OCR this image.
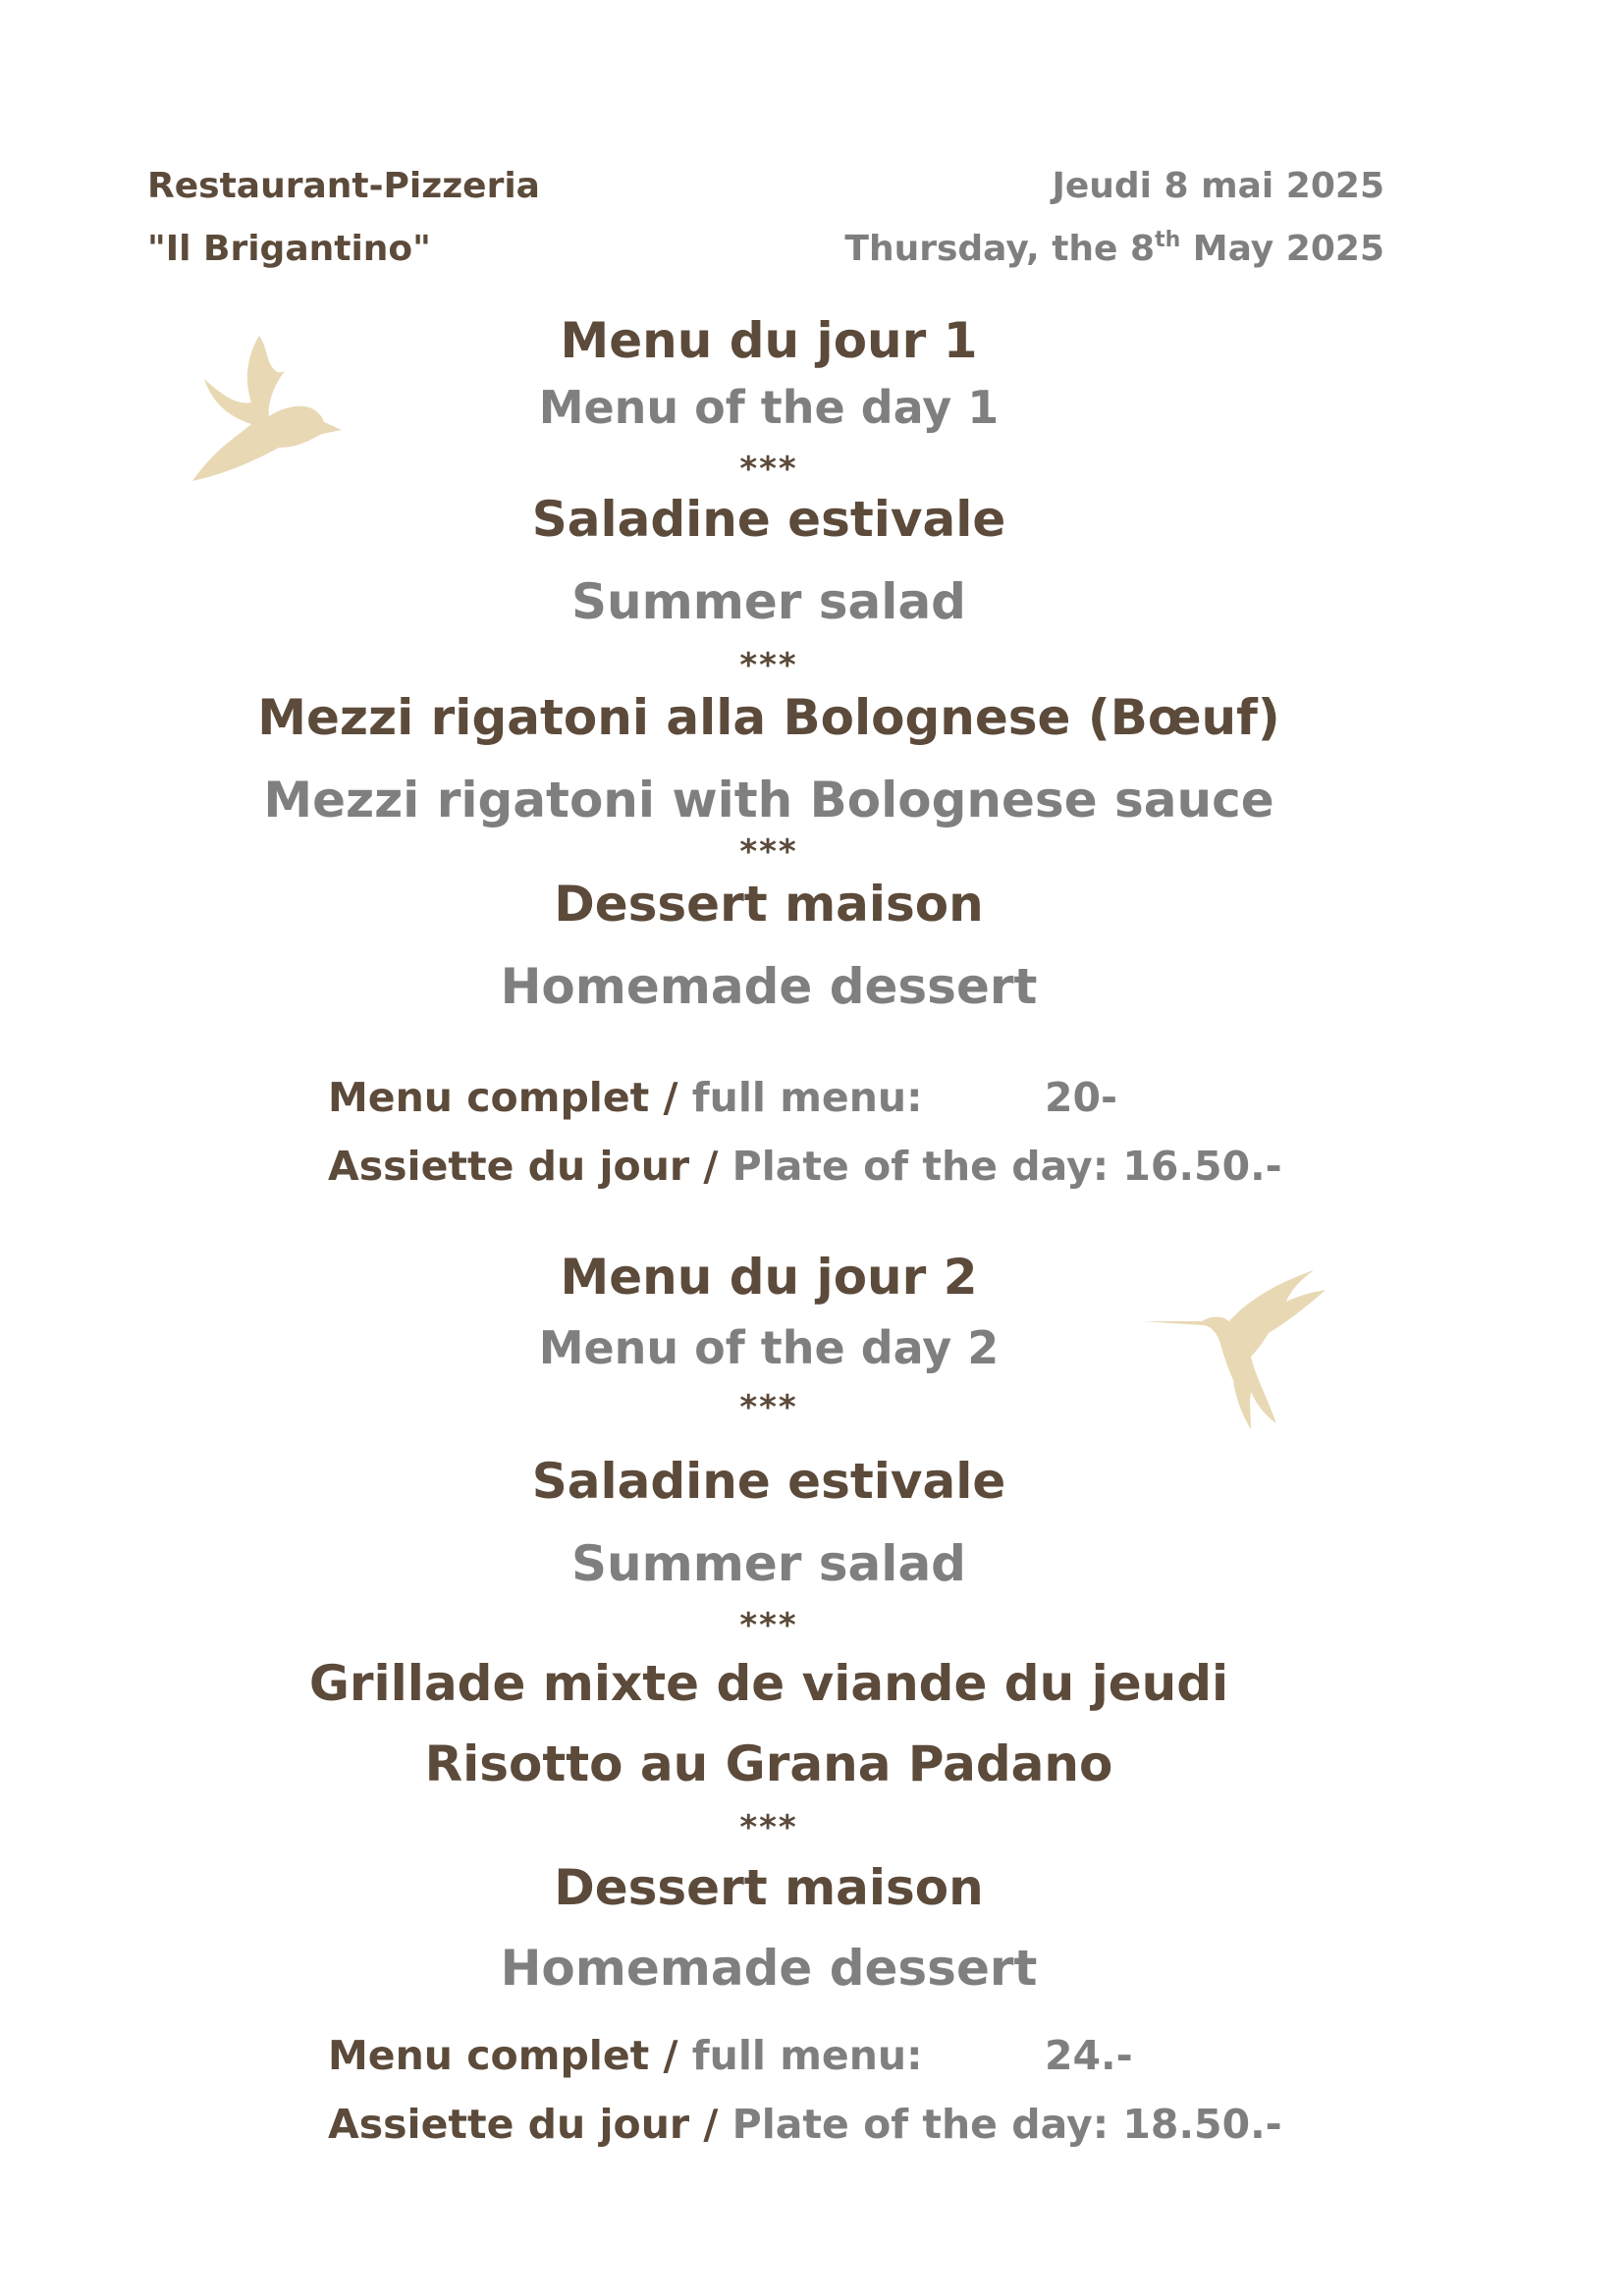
Restaurant-Pizzeria
"Il Brigantino"
Jeudi 8 mai 2025
Thursday, the 8th May 2025
Menu du jour 1
Menu of the day 1
***
Saladine estivale
Summer salad
***
Mezzi rigatoni alla Bolognese (Bœuf)
Mezzi rigatoni with Bolognese sauce
***
Dessert maison
Homemade dessert
Menu complet / full menu:	20-
Assiette du jour / Plate of the day: 16.50.-
Menu du jour 2
Menu of the day 2
***
Saladine estivale
Summer salad
***
Grillade mixte de viande du jeudi
Risotto au Grana Padano
***
Dessert maison
Homemade dessert
Menu complet / full menu:	24.-
Assiette du jour / Plate of the day: 18.50.-
